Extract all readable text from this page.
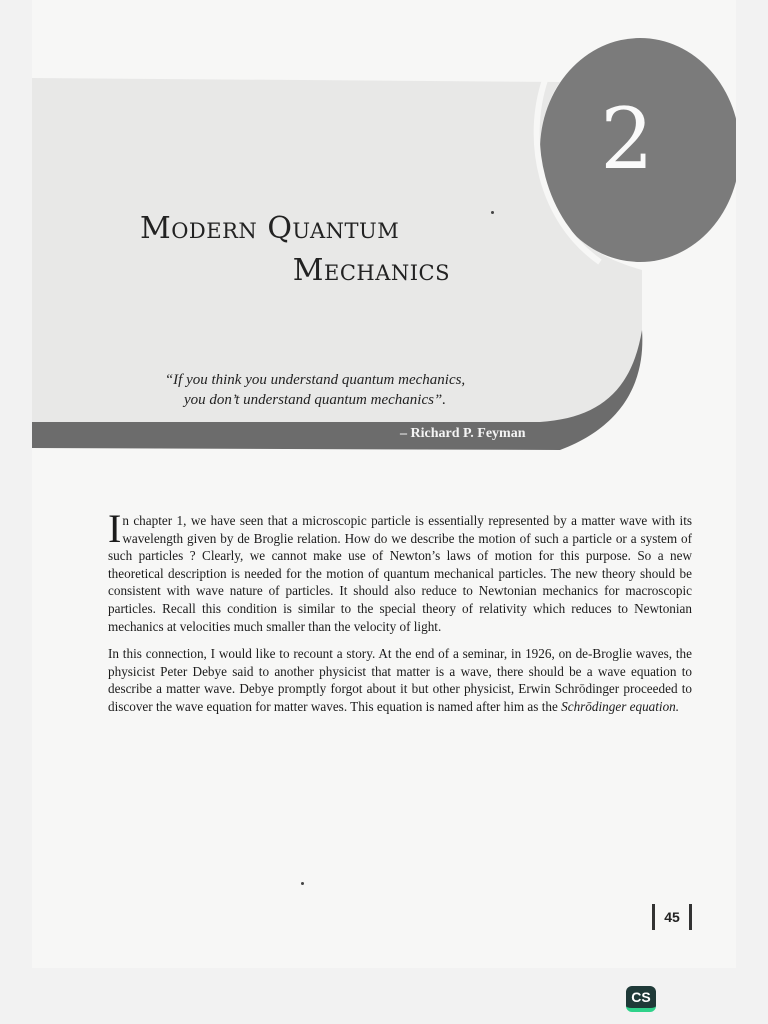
2
Modern Quantum
Mechanics
“If you think you understand quantum mechanics,
you don’t understand quantum mechanics”.
– Richard P. Feyman

In chapter 1, we have seen that a microscopic particle is essentially represented by a matter wave with its wavelength given by de Broglie relation. How do we describe the motion of such a particle or a system of such particles ? Clearly, we cannot make use of Newton’s laws of motion for this purpose. So a new theoretical description is needed for the motion of quantum mechanical particles. The new theory should be consistent with wave nature of particles. It should also reduce to Newtonian mechanics for macroscopic particles. Recall this condition is similar to the special theory of relativity which reduces to Newtonian mechanics at velocities much smaller than the velocity of light.

In this connection, I would like to recount a story. At the end of a seminar, in 1926, on de-Broglie waves, the physicist Peter Debye said to another physicist that matter is a wave, there should be a wave equation to describe a matter wave. Debye promptly forgot about it but other physicist, Erwin Schrōdinger proceeded to discover the wave equation for matter waves. This equation is named after him as the Schrōdinger equation.

45
CS
